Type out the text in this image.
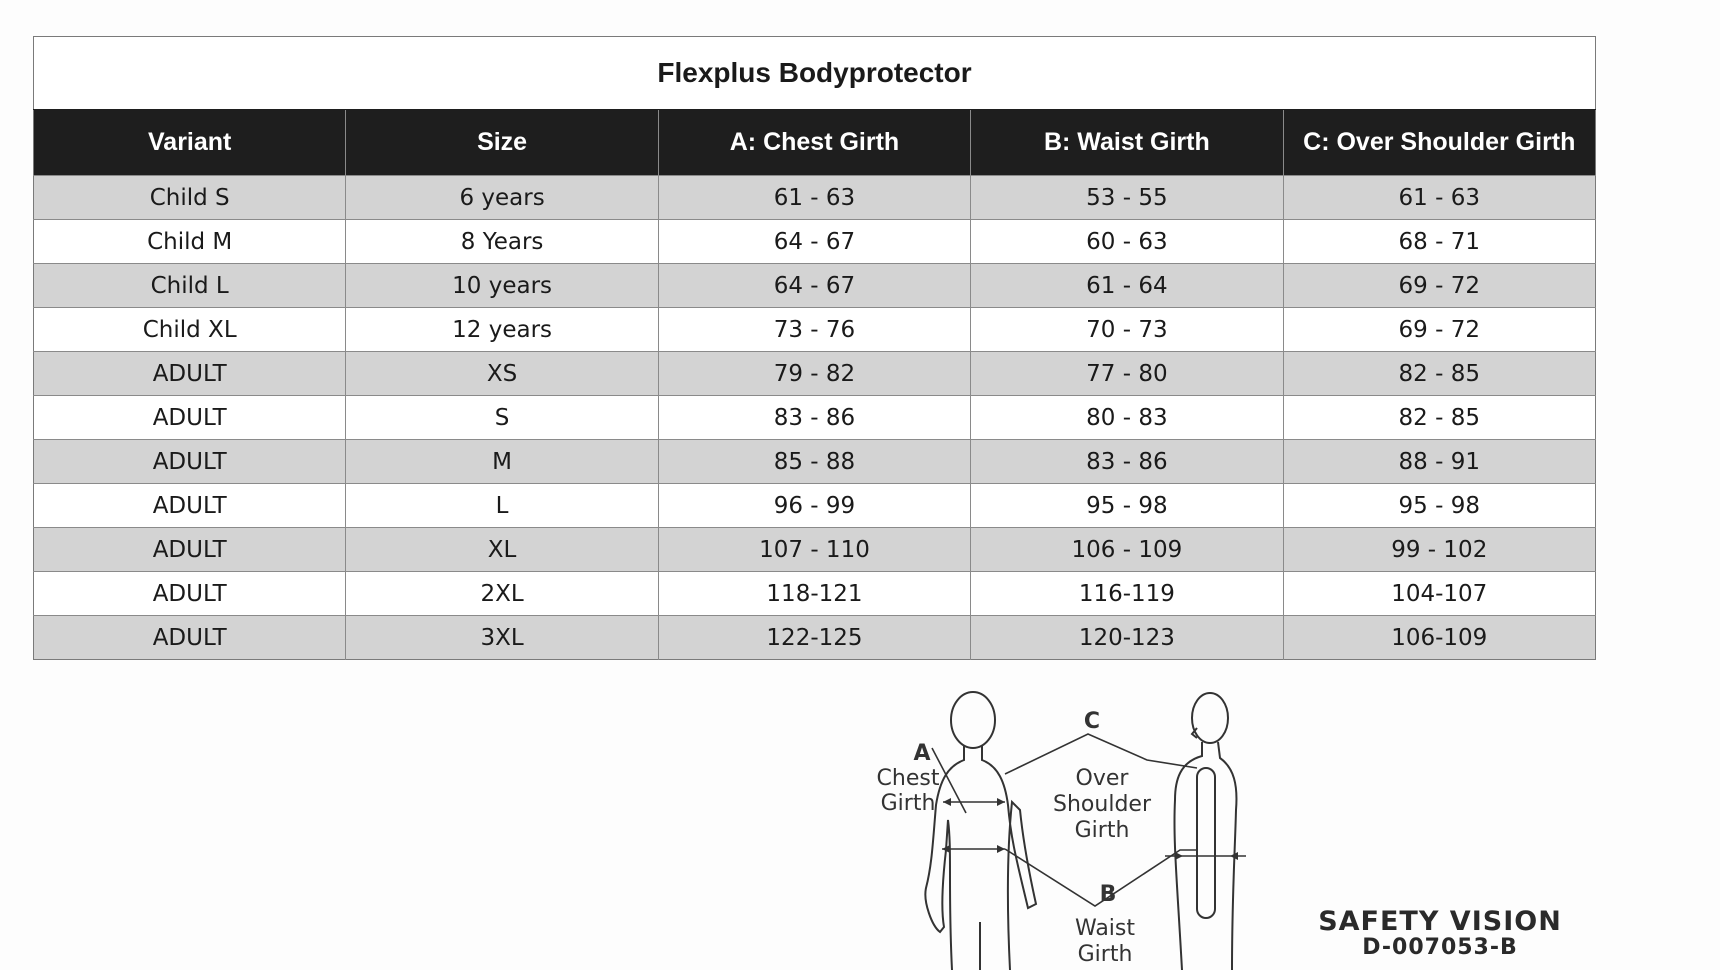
Flexplus Bodyprotector				
Variant	Size	A: Chest Girth	B: Waist Girth	C: Over Shoulder Girth
Child S	6 years	61 - 63	53 - 55	61 - 63
Child M	8 Years	64 - 67	60 - 63	68 - 71
Child L	10 years	64 - 67	61 - 64	69 - 72
Child XL	12 years	73 - 76	70 - 73	69 - 72
ADULT	XS	79 - 82	77 - 80	82 - 85
ADULT	S	83 - 86	80 - 83	82 - 85
ADULT	M	85 - 88	83 - 86	88 - 91
ADULT	L	96 - 99	95 - 98	95 - 98
ADULT	XL	107 - 110	106 - 109	99 - 102
ADULT	2XL	118-121	116-119	104-107
ADULT	3XL	122-125	120-123	106-109
A
Chest
Girth
C
Over
Shoulder
Girth
B
Waist
Girth
SAFETY VISION
D-007053-B
